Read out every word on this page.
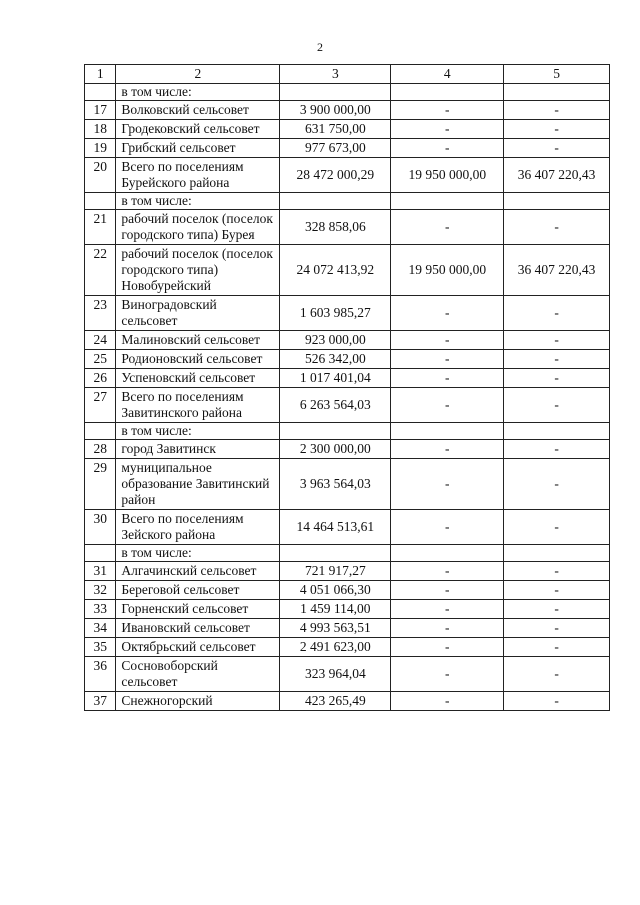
2
1	2	3	4	5
	в том числе:			
17	Волковский сельсовет	3 900 000,00	-	-
18	Гродековский сельсовет	631 750,00	-	-
19	Грибский сельсовет	977 673,00	-	-
20	Всего по поселениям Бурейского района	28 472 000,29	19 950 000,00	36 407 220,43
	в том числе:			
21	рабочий поселок (поселок городского типа) Бурея	328 858,06	-	-
22	рабочий поселок (поселок городского типа) Новобурейский	24 072 413,92	19 950 000,00	36 407 220,43
23	Виноградовский сельсовет	1 603 985,27	-	-
24	Малиновский сельсовет	923 000,00	-	-
25	Родионовский сельсовет	526 342,00	-	-
26	Успеновский сельсовет	1 017 401,04	-	-
27	Всего по поселениям Завитинского района	6 263 564,03	-	-
	в том числе:			
28	город Завитинск	2 300 000,00	-	-
29	муниципальное образование Завитинский район	3 963 564,03	-	-
30	Всего по поселениям Зейского района	14 464 513,61	-	-
	в том числе:			
31	Алгачинский сельсовет	721 917,27	-	-
32	Береговой сельсовет	4 051 066,30	-	-
33	Горненский сельсовет	1 459 114,00	-	-
34	Ивановский сельсовет	4 993 563,51	-	-
35	Октябрьский сельсовет	2 491 623,00	-	-
36	Сосновоборский сельсовет	323 964,04	-	-
37	Снежногорский	423 265,49	-	-
